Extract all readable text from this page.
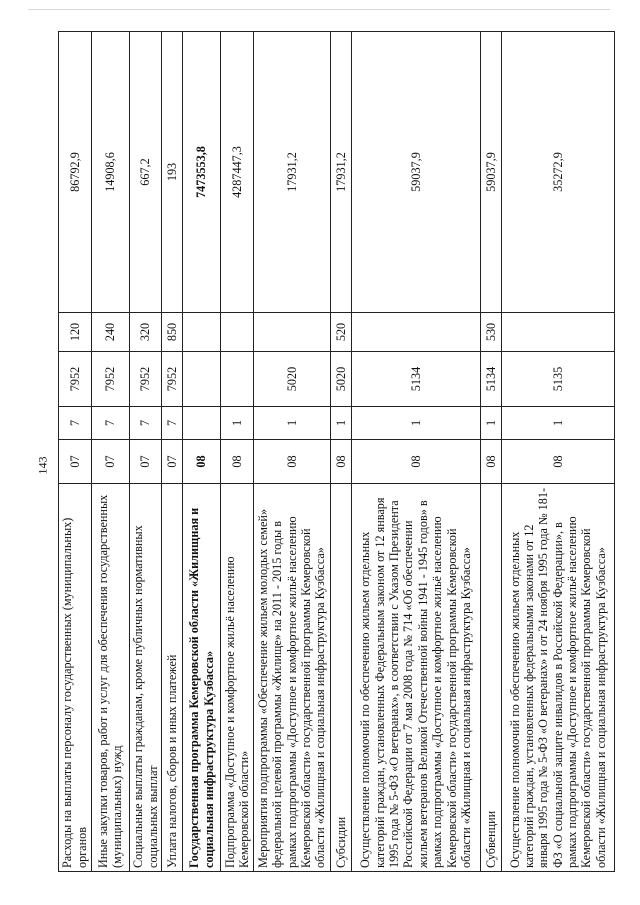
143
Расходы на выплаты персоналу государственных (муниципальных) органов	07	7	7952	120	86792,9
Иные закупки товаров, работ и услуг для обеспечения государственных (муниципальных) нужд	07	7	7952	240	14908,6
Социальные выплаты гражданам, кроме публичных нормативных социальных выплат	07	7	7952	320	667,2
Уплата налогов, сборов и иных платежей	07	7	7952	850	193
Государственная программа Кемеровской области «Жилищная и социальная инфраструктура Кузбасса»	08				7473553,8
Подпрограмма «Доступное и комфортное жильё населению Кемеровской области»	08	1			4287447,3
Мероприятия подпрограммы «Обеспечение жильем молодых семей» федеральной целевой программы «Жилище» на 2011 - 2015 годы в рамках подпрограммы «Доступное и комфортное жильё населению Кемеровской области» государственной программы Кемеровской области «Жилищная и социальная инфраструктура Кузбасса»	08	1	5020		17931,2
Субсидии	08	1	5020	520	17931,2
Осуществление полномочий по обеспечению жильем отдельных категорий граждан, установленных Федеральным законом от 12 января 1995 года № 5-ФЗ «О ветеранах», в соответствии с Указом Президента Российской Федерации от 7 мая 2008 года № 714 «Об обеспечении жильем ветеранов Великой Отечественной войны 1941 - 1945 годов» в рамках подпрограммы «Доступное и комфортное жильё населению Кемеровской области» государственной программы Кемеровской области «Жилищная и социальная инфраструктура Кузбасса»	08	1	5134		59037,9
Субвенции	08	1	5134	530	59037,9
Осуществление полномочий по обеспечению жильем отдельных категорий граждан, установленных федеральными законами от 12 января 1995 года № 5-ФЗ «О ветеранах» и от 24 ноября 1995 года № 181-ФЗ «О социальной защите инвалидов в Российской Федерации», в рамках подпрограммы «Доступное и комфортное жильё населению Кемеровской области» государственной программы Кемеровской области «Жилищная и социальная инфраструктура Кузбасса»	08	1	5135		35272,9
